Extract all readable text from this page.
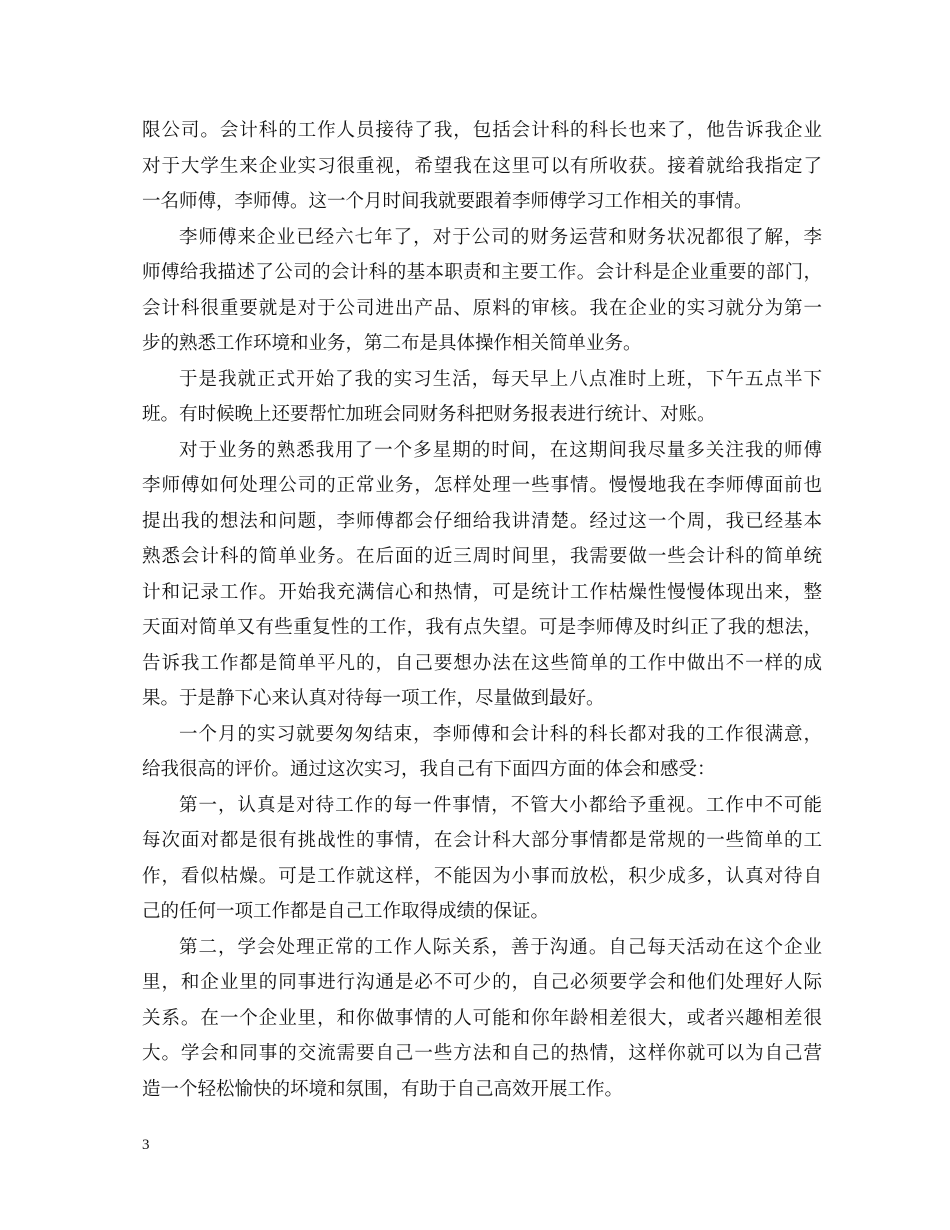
限公司。会计科的工作人员接待了我，包括会计科的科长也来了，他告诉我企业
对于大学生来企业实习很重视，希望我在这里可以有所收获。接着就给我指定了
一名师傅，李师傅。这一个月时间我就要跟着李师傅学习工作相关的事情。
李师傅来企业已经六七年了，对于公司的财务运营和财务状况都很了解，李
师傅给我描述了公司的会计科的基本职责和主要工作。会计科是企业重要的部门，
会计科很重要就是对于公司进出产品、原料的审核。我在企业的实习就分为第一
步的熟悉工作环境和业务，第二布是具体操作相关简单业务。
于是我就正式开始了我的实习生活，每天早上八点准时上班，下午五点半下
班。有时候晚上还要帮忙加班会同财务科把财务报表进行统计、对账。
对于业务的熟悉我用了一个多星期的时间，在这期间我尽量多关注我的师傅
李师傅如何处理公司的正常业务，怎样处理一些事情。慢慢地我在李师傅面前也
提出我的想法和问题，李师傅都会仔细给我讲清楚。经过这一个周，我已经基本
熟悉会计科的简单业务。在后面的近三周时间里，我需要做一些会计科的简单统
计和记录工作。开始我充满信心和热情，可是统计工作枯燥性慢慢体现出来，整
天面对简单又有些重复性的工作，我有点失望。可是李师傅及时纠正了我的想法，
告诉我工作都是简单平凡的，自己要想办法在这些简单的工作中做出不一样的成
果。于是静下心来认真对待每一项工作，尽量做到最好。
一个月的实习就要匆匆结束，李师傅和会计科的科长都对我的工作很满意，
给我很高的评价。通过这次实习，我自己有下面四方面的体会和感受：
第一，认真是对待工作的每一件事情，不管大小都给予重视。工作中不可能
每次面对都是很有挑战性的事情，在会计科大部分事情都是常规的一些简单的工
作，看似枯燥。可是工作就这样，不能因为小事而放松，积少成多，认真对待自
己的任何一项工作都是自己工作取得成绩的保证。
第二，学会处理正常的工作人际关系，善于沟通。自己每天活动在这个企业
里，和企业里的同事进行沟通是必不可少的，自己必须要学会和他们处理好人际
关系。在一个企业里，和你做事情的人可能和你年龄相差很大，或者兴趣相差很
大。学会和同事的交流需要自己一些方法和自己的热情，这样你就可以为自己营
造一个轻松愉快的坏境和氛围，有助于自己高效开展工作。
3
